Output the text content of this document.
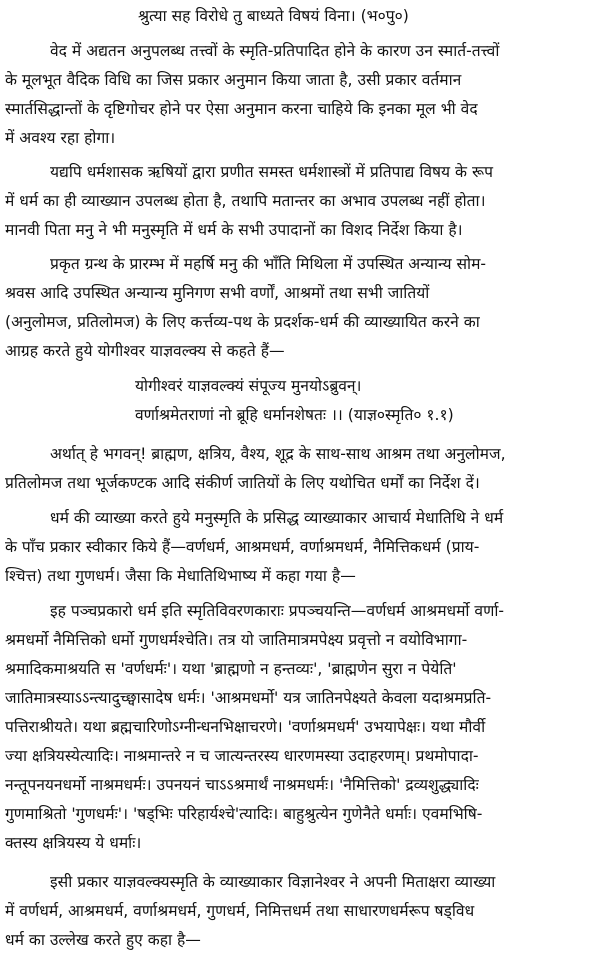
श्रुत्या सह विरोधे तु बाध्यते विषयं विना। (भ०पु०)
वेद में अद्यतन अनुपलब्ध तत्त्वों के स्मृति-प्रतिपादित होने के कारण उन स्मार्त-तत्त्वों
के मूलभूत वैदिक विधि का जिस प्रकार अनुमान किया जाता है, उसी प्रकार वर्तमान
स्मार्तसिद्धान्तों के दृष्टिगोचर होने पर ऐसा अनुमान करना चाहिये कि इनका मूल भी वेद
में अवश्य रहा होगा।
यद्यपि धर्मशासक ऋषियों द्वारा प्रणीत समस्त धर्मशास्त्रों में प्रतिपाद्य विषय के रूप
में धर्म का ही व्याख्यान उपलब्ध होता है, तथापि मतान्तर का अभाव उपलब्ध नहीं होता।
मानवी पिता मनु ने भी मनुस्मृति में धर्म के सभी उपादानों का विशद निर्देश किया है।
प्रकृत ग्रन्थ के प्रारम्भ में महर्षि मनु की भाँति मिथिला में उपस्थित अन्यान्य सोम-
श्रवस आदि उपस्थित अन्यान्य मुनिगण सभी वर्णों, आश्रमों तथा सभी जातियों
(अनुलोमज, प्रतिलोमज) के लिए कर्त्तव्य-पथ के प्रदर्शक-धर्म की व्याख्यायित करने का
आग्रह करते हुये योगीश्वर याज्ञवल्क्य से कहते हैं—
योगीश्वरं याज्ञवल्क्यं संपूज्य मुनयोऽब्रुवन्।
वर्णाश्रमेतराणां नो ब्रूहि धर्मानशेषतः ।। (याज्ञ०स्मृति० १.१)
अर्थात् हे भगवन्! ब्राह्मण, क्षत्रिय, वैश्य, शूद्र के साथ-साथ आश्रम तथा अनुलोमज,
प्रतिलोमज तथा भूर्जकण्टक आदि संकीर्ण जातियों के लिए यथोचित धर्मों का निर्देश दें।
धर्म की व्याख्या करते हुये मनुस्मृति के प्रसिद्ध व्याख्याकार आचार्य मेधातिथि ने धर्म
के पाँच प्रकार स्वीकार किये हैं—वर्णधर्म, आश्रमधर्म, वर्णाश्रमधर्म, नैमित्तिकधर्म (प्राय-
श्चित्त) तथा गुणधर्म। जैसा कि मेधातिथिभाष्य में कहा गया है—
इह पञ्चप्रकारो धर्म इति स्मृतिविवरणकाराः प्रपञ्चयन्ति—वर्णधर्म आश्रमधर्मो वर्णा-
श्रमधर्मो नैमित्तिको धर्मो गुणधर्मश्चेति। तत्र यो जातिमात्रमपेक्ष्य प्रवृत्तो न वयोविभागा-
श्रमादिकमाश्रयति स 'वर्णधर्मः'। यथा 'ब्राह्मणो न हन्तव्यः', 'ब्राह्मणेन सुरा न पेयेति'
जातिमात्रस्याऽऽन्त्यादुच्छ्वासादेष धर्मः। 'आश्रमधर्मो' यत्र जातिनपेक्ष्यते केवला यदाश्रमप्रति-
पत्तिराश्रीयते। यथा ब्रह्मचारिणोऽग्नीन्धनभिक्षाचरणे। 'वर्णाश्रमधर्म' उभयापेक्षः। यथा मौर्वी
ज्या क्षत्रियस्येत्यादिः। नाश्रमान्तरे न च जात्यन्तरस्य धारणमस्या उदाहरणम्। प्रथमोपादा-
नन्तूपनयनधर्मो नाश्रमधर्मः। उपनयनं चाऽऽश्रमार्थं नाश्रमधर्मः। 'नैमित्तिको' द्रव्यशुद्ध्यादिः
गुणमाश्रितो 'गुणधर्मः'। 'षड्भिः परिहार्यश्चे'त्यादिः। बाहुश्रुत्येन गुणेनैते धर्माः। एवमभिषि-
क्तस्य क्षत्रियस्य ये धर्माः।
इसी प्रकार याज्ञवल्क्यस्मृति के व्याख्याकार विज्ञानेश्वर ने अपनी मिताक्षरा व्याख्या
में वर्णधर्म, आश्रमधर्म, वर्णाश्रमधर्म, गुणधर्म, निमित्तधर्म तथा साधारणधर्मरूप षड्विध
धर्म का उल्लेख करते हुए कहा है—
